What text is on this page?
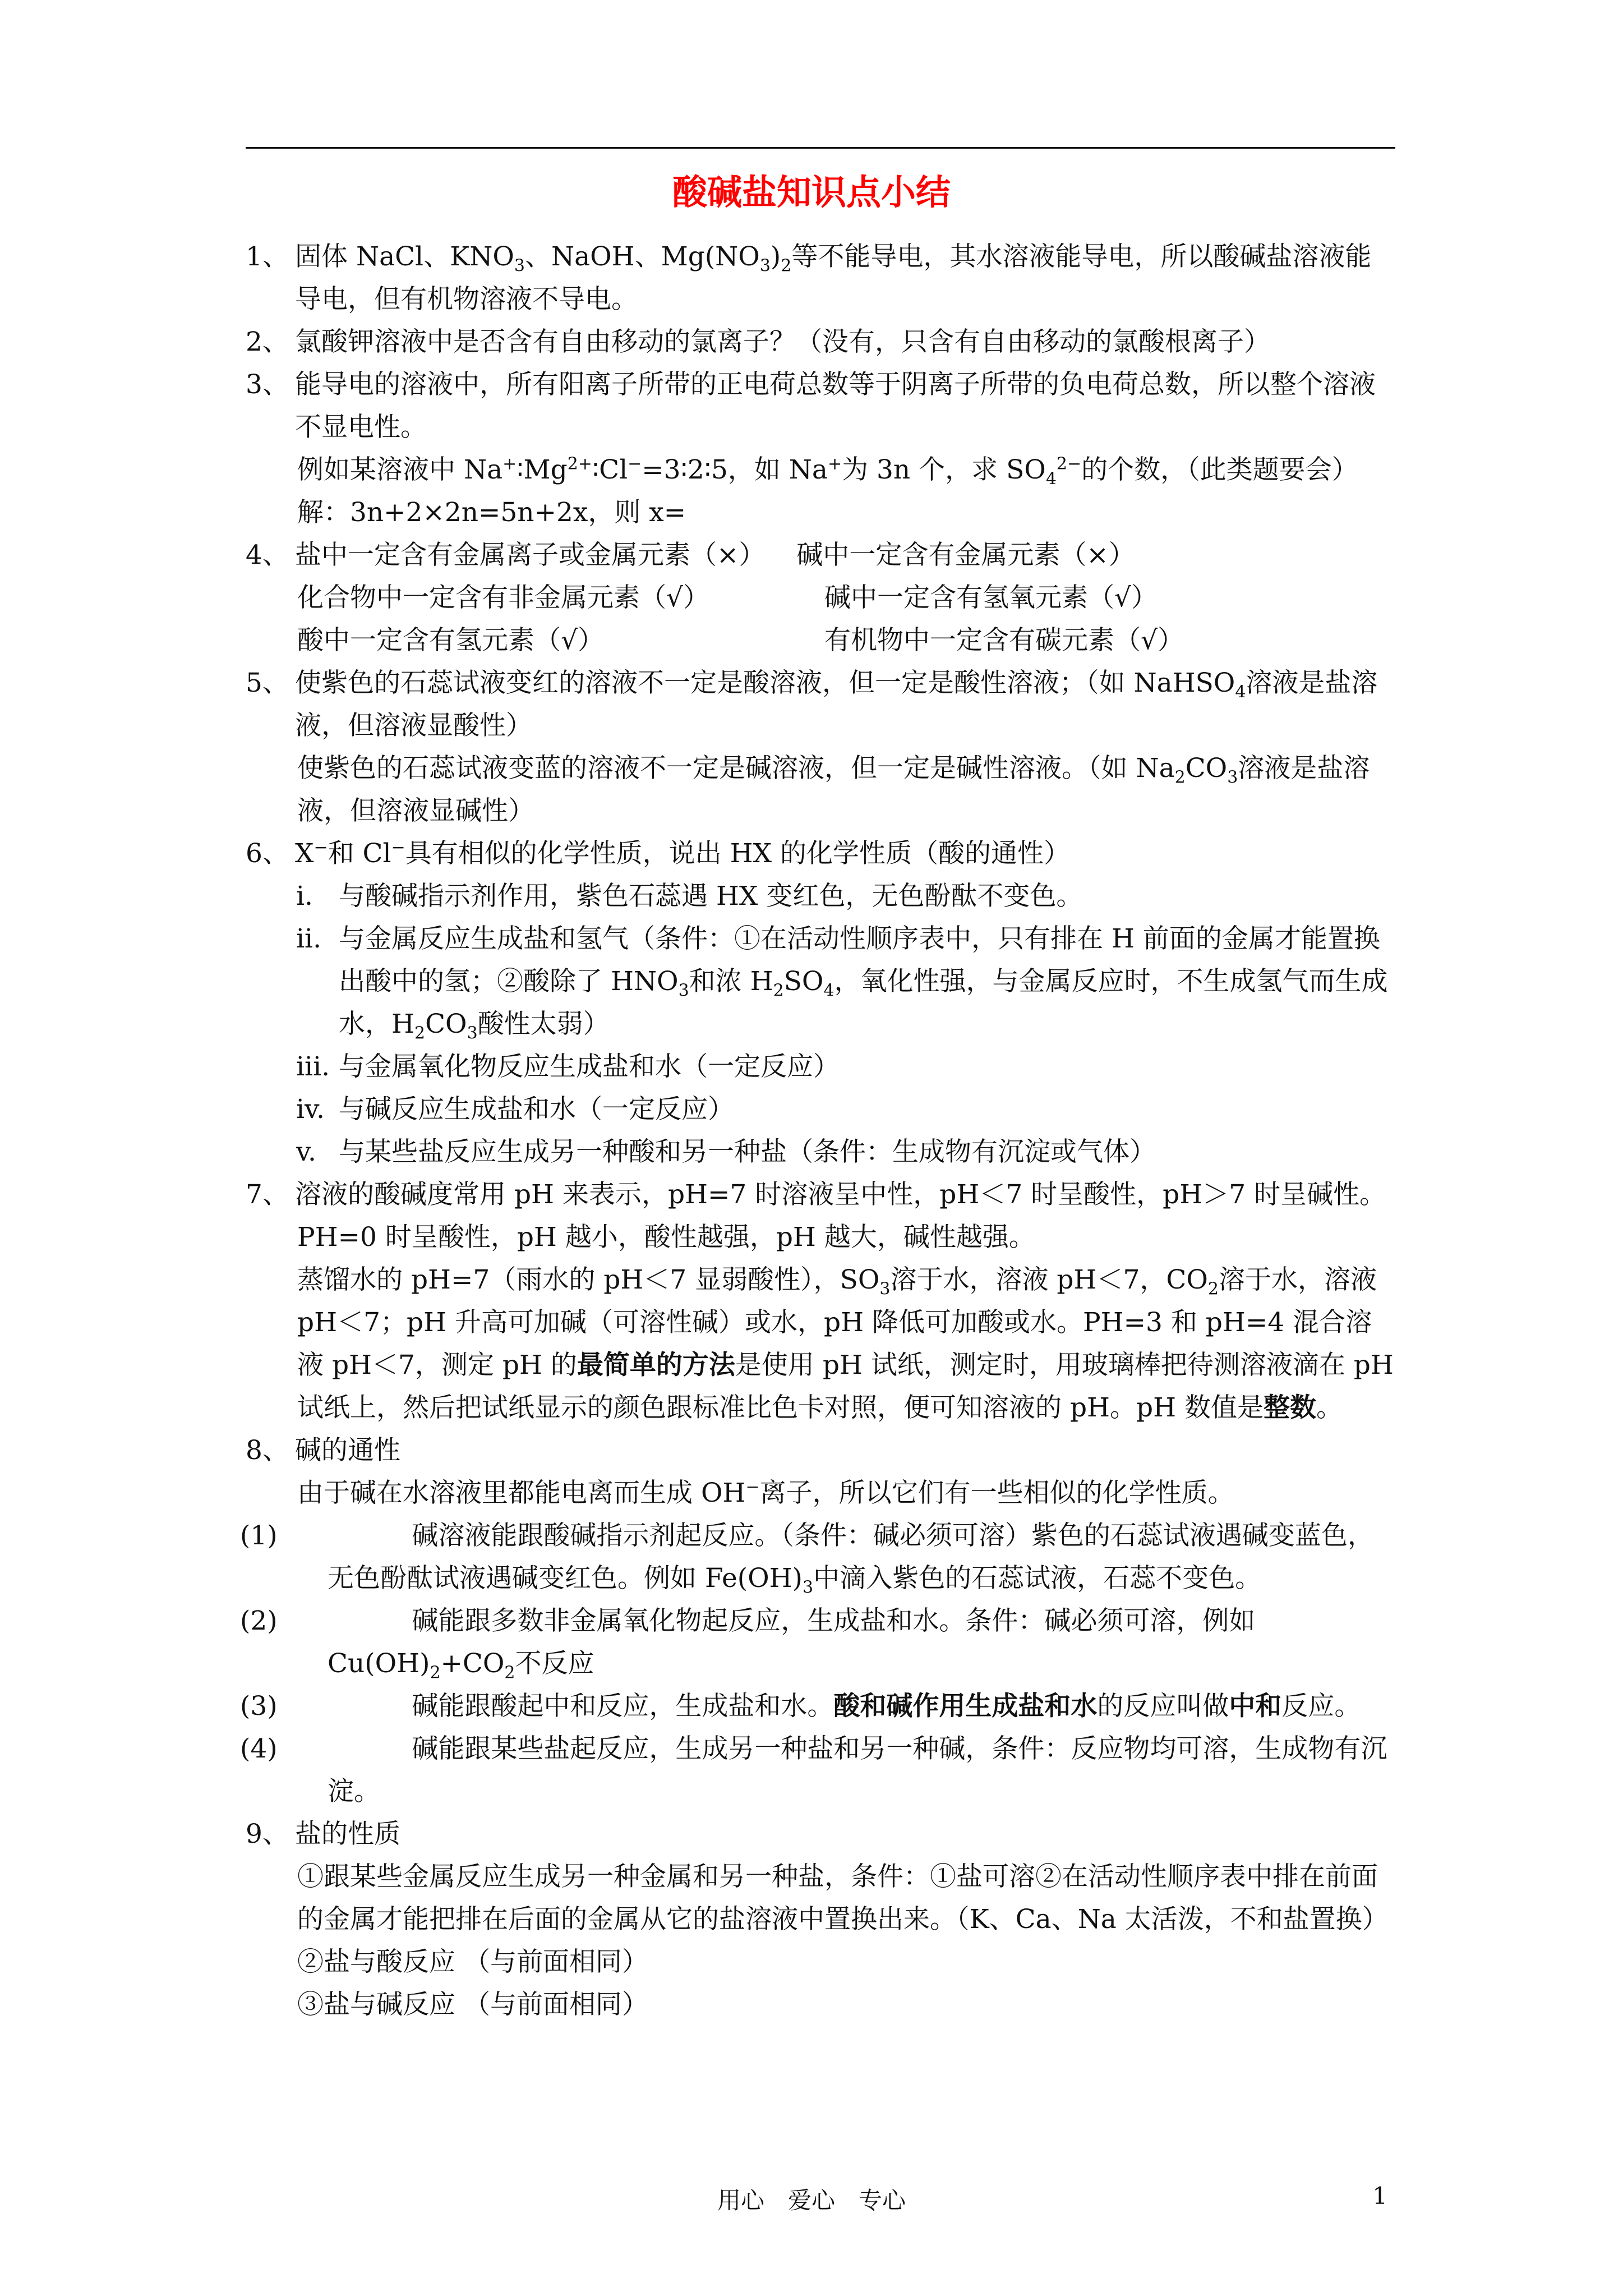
酸碱盐知识点小结
1、 固体 NaCl、$KNO_3$、NaOH、$Mg(NO_3)_2$等不能导电，其水溶液能导电，所以酸碱盐溶液能导电，但有机物溶液不导电。
2、 氯酸钾溶液中是否含有自由移动的氯离子？（没有，只含有自由移动的氯酸根离子）
3、 能导电的溶液中，所有阳离子所带的正电荷总数等于阴离子所带的负电荷总数，所以整个溶液不显电性。
例如某溶液中 $Na^+∶Mg^{2+}∶Cl^-=3∶2∶5$，如 Na+为 3n 个，求 $SO_4^{2-}$的个数，（此类题要会）
解：3n+2×2n=5n+2x，则 x=
4、 盐中一定含有金属离子或金属元素（×） 碱中一定含有金属元素（×）
化合物中一定含有非金属元素（√）	碱中一定含有氢氧元素（√）
酸中一定含有氢元素（√）	有机物中一定含有碳元素（√）
5、 使紫色的石蕊试液变红的溶液不一定是酸溶液，但一定是酸性溶液；（如 NaHSO$_4$溶液是盐溶液，但溶液显酸性）
使紫色的石蕊试液变蓝的溶液不一定是碱溶液，但一定是碱性溶液。（如 $Na_2CO_3$溶液是盐溶液，但溶液显碱性）
6、 X−和 Cl−具有相似的化学性质，说出 HX 的化学性质（酸的通性）
i. 与酸碱指示剂作用，紫色石蕊遇 HX 变红色，无色酚酞不变色。
ii. 与金属反应生成盐和氢气（条件：①在活动性顺序表中，只有排在 H 前面的金属才能置换出酸中的氢；②酸除了 $HNO_3$和浓 $H_2SO_4$，氧化性强，与金属反应时，不生成氢气而生成水，$H_2CO_3$酸性太弱）
iii. 与金属氧化物反应生成盐和水（一定反应）
iv. 与碱反应生成盐和水（一定反应）
v. 与某些盐反应生成另一种酸和另一种盐（条件：生成物有沉淀或气体）
7、 溶液的酸碱度常用 pH 来表示，pH=7 时溶液呈中性，pH＜7 时呈酸性，pH＞7 时呈碱性。
PH=0 时呈酸性，pH 越小，酸性越强，pH 越大，碱性越强。
蒸馏水的 pH=7（雨水的 pH＜7 显弱酸性），$SO_3$溶于水，溶液 pH＜7，$CO_2$溶于水，溶液 pH＜7；pH 升高可加碱（可溶性碱）或水，pH 降低可加酸或水。PH=3 和 pH=4 混合溶液 pH＜7，测定 pH 的最简单的方法是使用 pH 试纸，测定时，用玻璃棒把待测溶液滴在 pH 试纸上，然后把试纸显示的颜色跟标准比色卡对照，便可知溶液的 pH。pH 数值是整数。
8、 碱的通性
由于碱在水溶液里都能电离而生成 OH−离子，所以它们有一些相似的化学性质。
(1)	碱溶液能跟酸碱指示剂起反应。（条件：碱必须可溶）紫色的石蕊试液遇碱变蓝色，无色酚酞试液遇碱变红色。例如 $Fe(OH)_3$中滴入紫色的石蕊试液，石蕊不变色。
(2)	碱能跟多数非金属氧化物起反应，生成盐和水。条件：碱必须可溶，例如 $Cu(OH)_2+CO_2$不反应
(3)	碱能跟酸起中和反应，生成盐和水。酸和碱作用生成盐和水的反应叫做中和反应。
(4)	碱能跟某些盐起反应，生成另一种盐和另一种碱，条件：反应物均可溶，生成物有沉淀。
9、 盐的性质
①跟某些金属反应生成另一种金属和另一种盐，条件：①盐可溶②在活动性顺序表中排在前面的金属才能把排在后面的金属从它的盐溶液中置换出来。（K、Ca、Na 太活泼，不和盐置换）
②盐与酸反应 （与前面相同）
③盐与碱反应 （与前面相同）
用心　爱心　专心	1
